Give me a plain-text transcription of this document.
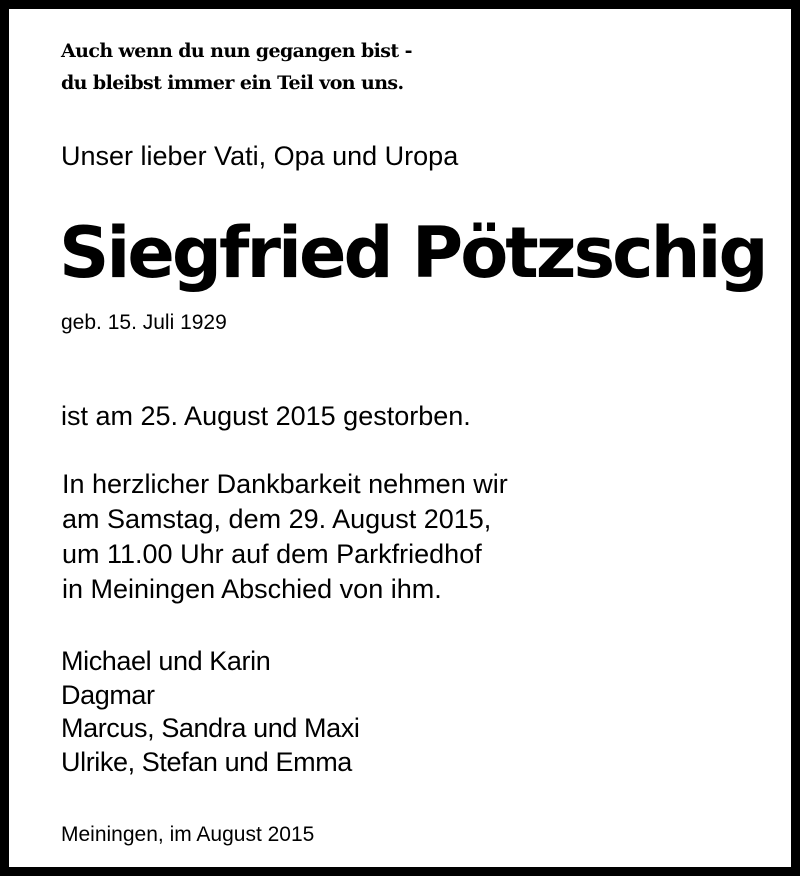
Auch wenn du nun gegangen bist -
du bleibst immer ein Teil von uns.
Unser lieber Vati, Opa und Uropa
Siegfried Pötzschig
geb. 15. Juli 1929
ist am 25. August 2015 gestorben.
In herzlicher Dankbarkeit nehmen wir
am Samstag, dem 29. August 2015,
um 11.00 Uhr auf dem Parkfriedhof
in Meiningen Abschied von ihm.
Michael und Karin
Dagmar
Marcus, Sandra und Maxi
Ulrike, Stefan und Emma
Meiningen, im August 2015
